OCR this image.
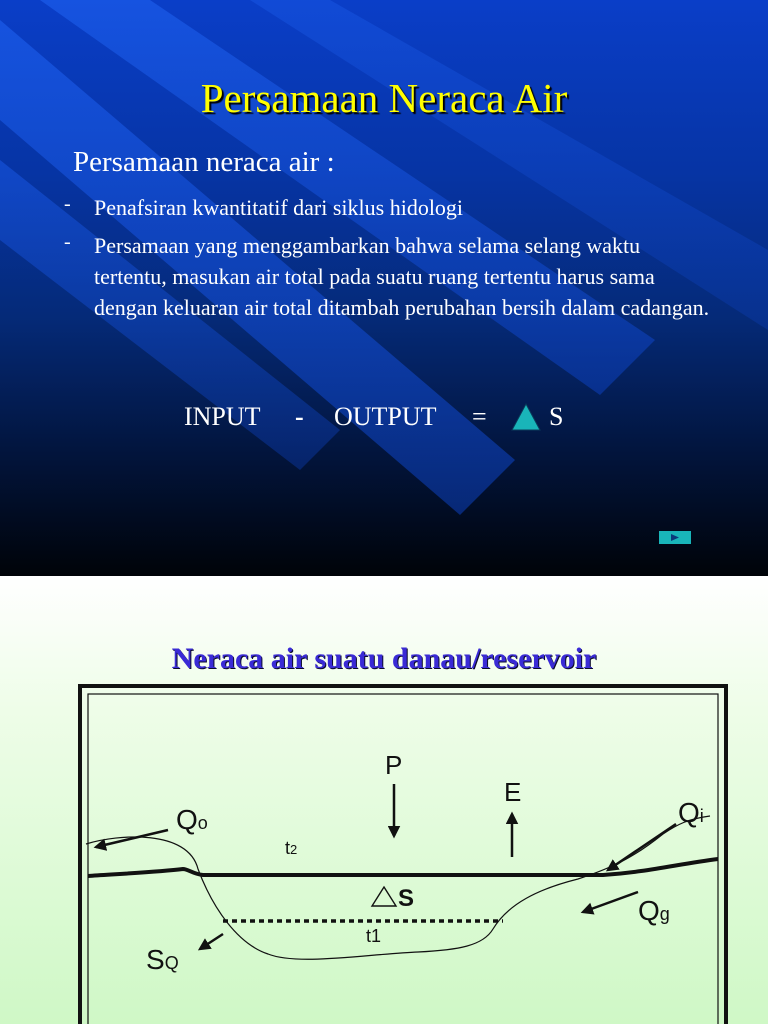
Persamaan Neraca Air
Persamaan neraca air :
- Penafsiran kwantitatif dari siklus hidologi
- Persamaan yang menggambarkan bahwa selama selang waktu tertentu, masukan air total pada suatu ruang tertentu harus sama dengan keluaran air total ditambah perubahan bersih dalam cadangan.
INPUT - OUTPUT = S
Neraca air suatu danau/reservoir
P
E
Qo	Qi
Qg
SQ
t2
t1
S
